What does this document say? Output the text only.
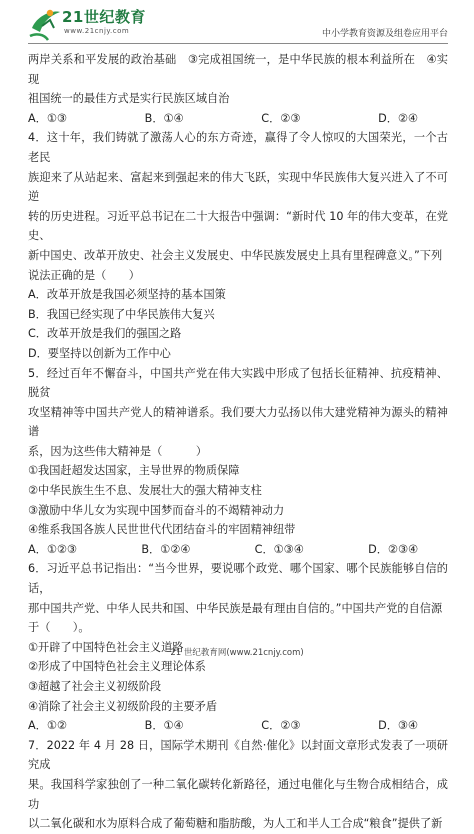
21世纪教育
www.21cnjy.com	中小学教育资源及组卷应用平台

两岸关系和平发展的政治基础　③完成祖国统一，是中华民族的根本利益所在　④实现

祖国统一的最佳方式是实行民族区域自治

A．①③	B．①④	C．②③	D．②④

4．这十年，我们铸就了激荡人心的东方奇迹，赢得了令人惊叹的大国荣光，一个古老民

族迎来了从站起来、富起来到强起来的伟大飞跃，实现中华民族伟大复兴进入了不可逆

转的历史进程。习近平总书记在二十大报告中强调：“新时代 10 年的伟大变革，在党史、

新中国史、改革开放史、社会主义发展史、中华民族发展史上具有里程碑意义。”下列

说法正确的是（　　）

A．改革开放是我国必须坚持的基本国策

B．我国已经实现了中华民族伟大复兴

C．改革开放是我们的强国之路

D．要坚持以创新为工作中心

5．经过百年不懈奋斗，中国共产党在伟大实践中形成了包括长征精神、抗疫精神、脱贫

攻坚精神等中国共产党人的精神谱系。我们要大力弘扬以伟大建党精神为源头的精神谱

系，因为这些伟大精神是（　　　）

①我国赶超发达国家，主导世界的物质保障

②中华民族生生不息、发展壮大的强大精神支柱

③激励中华儿女为实现中国梦而奋斗的不竭精神动力

④维系我国各族人民世世代代团结奋斗的牢固精神纽带

A．①②③	B．①②④	C．①③④	D．②③④

6．习近平总书记指出：“当今世界，要说哪个政党、哪个国家、哪个民族能够自信的话，

那中国共产党、中华人民共和国、中华民族是最有理由自信的。”中国共产党的自信源

于（　　）。

①开辟了中国特色社会主义道路

②形成了中国特色社会主义理论体系

③超越了社会主义初级阶段

④消除了社会主义初级阶段的主要矛盾

A．①②	B．①④	C．②③	D．③④

7．2022 年 4 月 28 日，国际学术期刊《自然·催化》以封面文章形式发表了一项研究成

果。我国科学家独创了一种二氧化碳转化新路径，通过电催化与生物合成相结合，成功

以二氧化碳和水为原料合成了葡萄糖和脂肪酸，为人工和半人工合成“粮食”提供了新

21 世纪教育网(www.21cnjy.com)
